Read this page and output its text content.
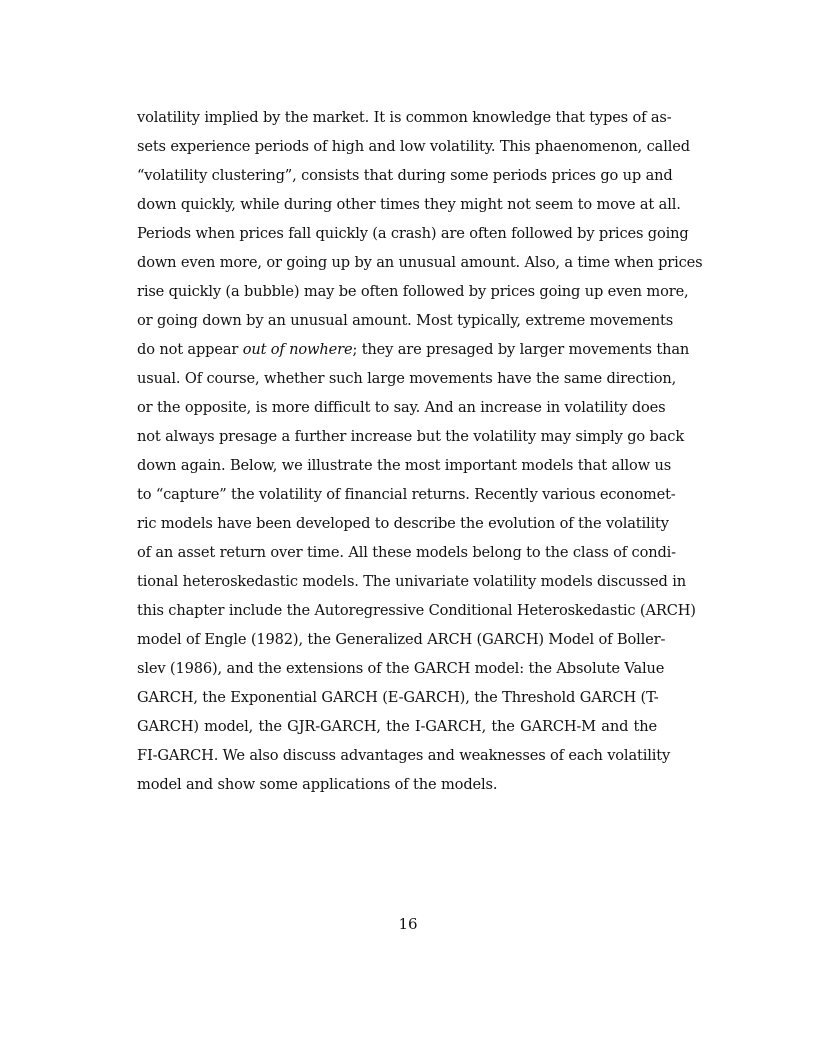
volatility implied by the market. It is common knowledge that types of as-
sets experience periods of high and low volatility. This phaenomenon, called
“volatility clustering”, consists that during some periods prices go up and
down quickly, while during other times they might not seem to move at all.
Periods when prices fall quickly (a crash) are often followed by prices going
down even more, or going up by an unusual amount. Also, a time when prices
rise quickly (a bubble) may be often followed by prices going up even more,
or going down by an unusual amount. Most typically, extreme movements
do not appear out of nowhere; they are presaged by larger movements than
usual. Of course, whether such large movements have the same direction,
or the opposite, is more difficult to say. And an increase in volatility does
not always presage a further increase but the volatility may simply go back
down again. Below, we illustrate the most important models that allow us
to “capture” the volatility of financial returns. Recently various economet-
ric models have been developed to describe the evolution of the volatility
of an asset return over time. All these models belong to the class of condi-
tional heteroskedastic models. The univariate volatility models discussed in
this chapter include the Autoregressive Conditional Heteroskedastic (ARCH)
model of Engle (1982), the Generalized ARCH (GARCH) Model of Boller-
slev (1986), and the extensions of the GARCH model: the Absolute Value
GARCH, the Exponential GARCH (E-GARCH), the Threshold GARCH (T-
GARCH) model, the GJR-GARCH, the I-GARCH, the GARCH-M and the
FI-GARCH. We also discuss advantages and weaknesses of each volatility
model and show some applications of the models.
16
